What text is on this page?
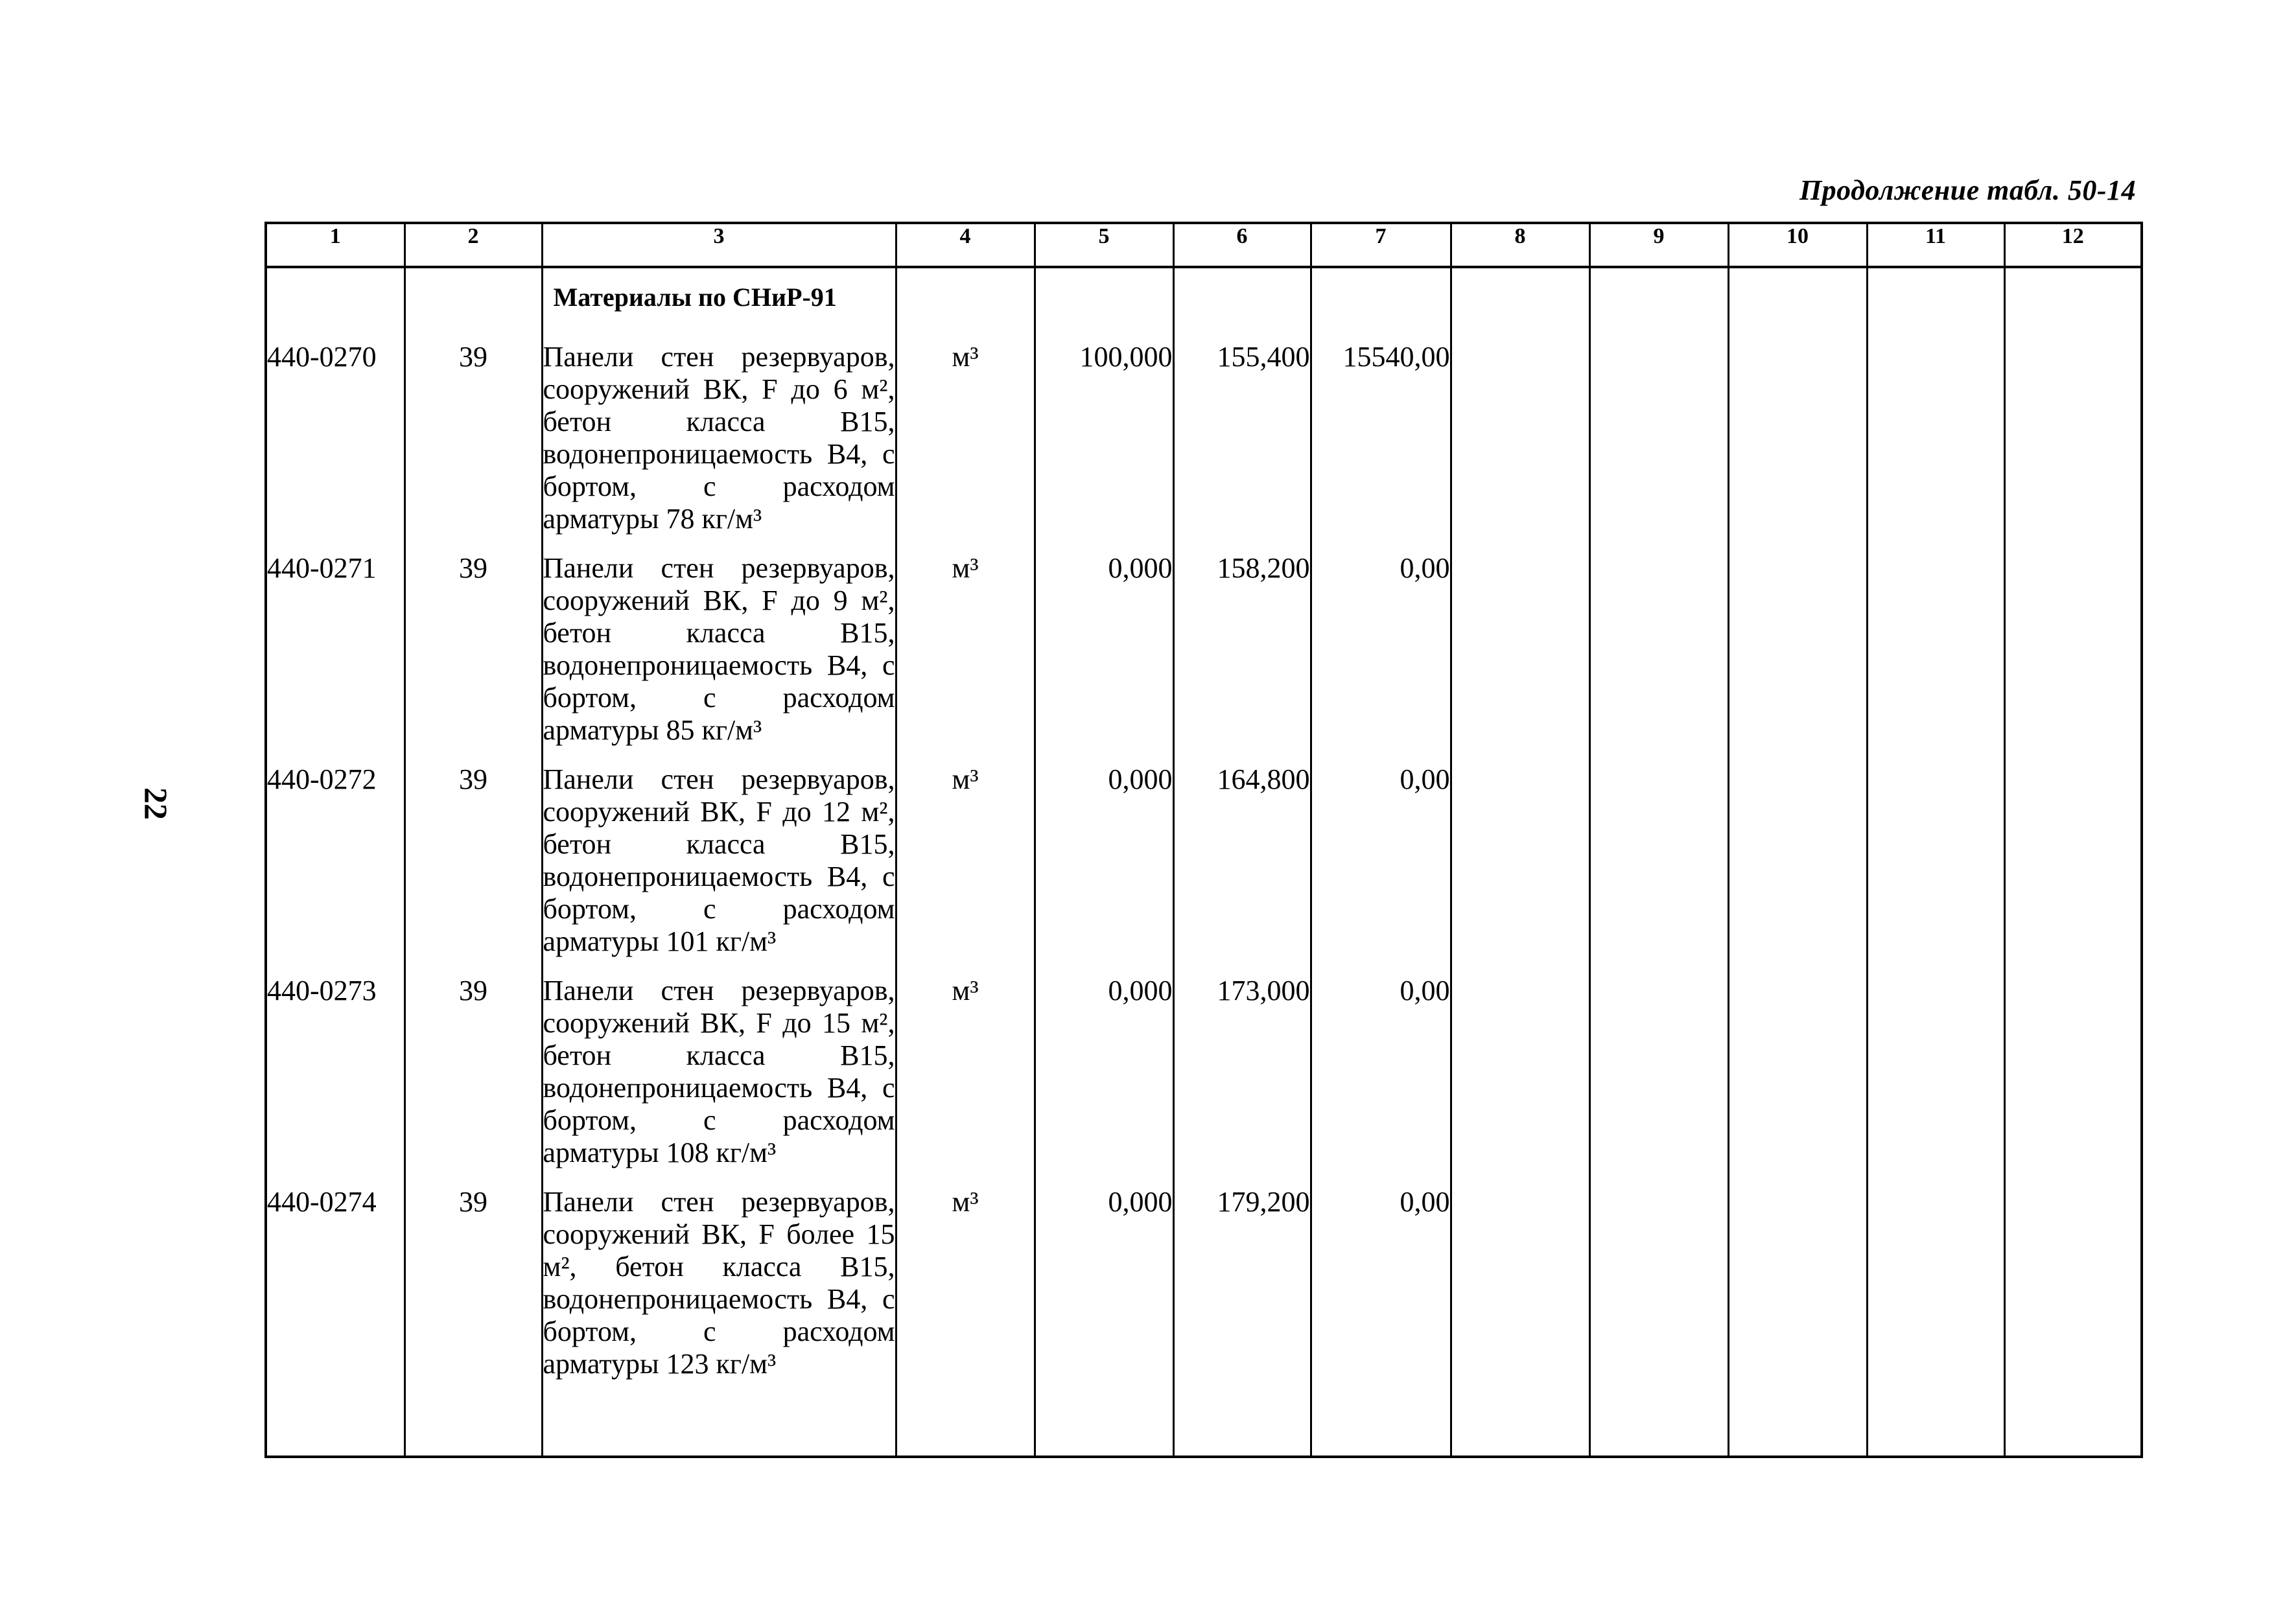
Продолжение табл. 50-14
22
1	2	3	4	5	6	7	8	9	10	11	12

		Материалы по СНиР-91									

440-0270	39	Панели стен резервуаров, сооружений ВК, F до 6 м², бетон класса В15, водонепроницаемость В4, с бортом, с расходом арматуры 78 кг/м³	м³	100,000	155,400	15540,00					
440-0271	39	Панели стен резервуаров, сооружений ВК, F до 9 м², бетон класса В15, водонепроницаемость В4, с бортом, с расходом арматуры 85 кг/м³	м³	0,000	158,200	0,00					
440-0272	39	Панели стен резервуаров, сооружений ВК, F до 12 м², бетон класса В15, водонепроницаемость В4, с бортом, с расходом арматуры 101 кг/м³	м³	0,000	164,800	0,00					
440-0273	39	Панели стен резервуаров, сооружений ВК, F до 15 м², бетон класса В15, водонепроницаемость В4, с бортом, с расходом арматуры 108 кг/м³	м³	0,000	173,000	0,00					
440-0274	39	Панели стен резервуаров, сооружений ВК, F более 15 м², бетон класса В15, водонепроницаемость В4, с бортом, с расходом арматуры 123 кг/м³	м³	0,000	179,200	0,00					
